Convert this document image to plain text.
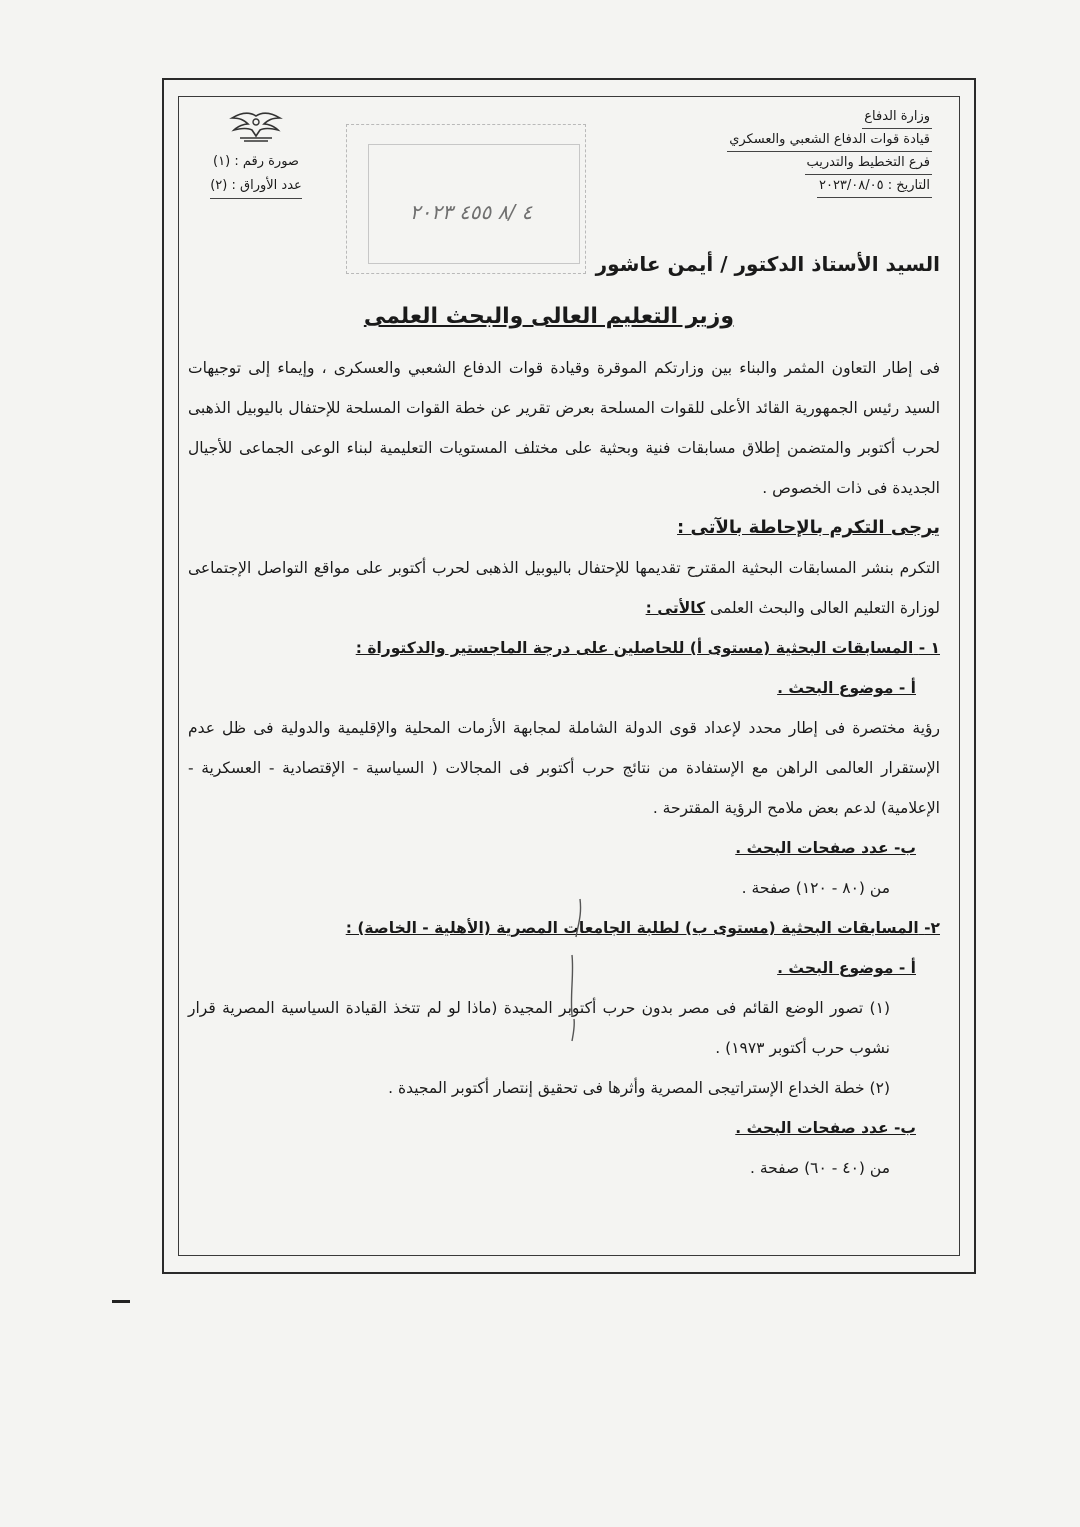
وزارة الدفاع
قيادة قوات الدفاع الشعبي والعسكري
فرع التخطيط والتدريب
التاريخ : ٢٠٢٣/٠٨/٠٥
صورة رقم : (١)
عدد الأوراق : (٢)
٤ /٨ ٤٥٥ ٢٠٢٣
السيد الأستاذ الدكتور / أيمن عاشور
وزير التعليم العالى والبحث العلمى

فى إطار التعاون المثمر والبناء بين وزارتكم الموقرة وقيادة قوات الدفاع الشعبي والعسكرى ، وإيماء إلى توجيهات السيد رئيس الجمهورية القائد الأعلى للقوات المسلحة بعرض تقرير عن خطة القوات المسلحة للإحتفال باليوبيل الذهبى لحرب أكتوبر والمتضمن إطلاق مسابقات فنية وبحثية على مختلف المستويات التعليمية لبناء الوعى الجماعى للأجيال الجديدة فى ذات الخصوص .

يرجى التكرم بالإحاطة بالآتى :

التكرم بنشر المسابقات البحثية المقترح تقديمها للإحتفال باليوبيل الذهبى لحرب أكتوبر على مواقع التواصل الإجتماعى لوزارة التعليم العالى والبحث العلمى كالأتى :

١ - المسابقات البحثية (مستوى أ) للحاصلين على درجة الماجستير والدكتوراة :

أ - موضوع البحث .

رؤية مختصرة فى إطار محدد لإعداد قوى الدولة الشاملة لمجابهة الأزمات المحلية والإقليمية والدولية فى ظل عدم الإستقرار العالمى الراهن مع الإستفادة من نتائج حرب أكتوبر فى المجالات ( السياسية - الإقتصادية - العسكرية - الإعلامية) لدعم بعض ملامح الرؤية المقترحة .

ب- عدد صفحات البحث .

من (٨٠ - ١٢٠) صفحة .

٢- المسابقات البحثية (مستوى ب) لطلبة الجامعات المصرية (الأهلية - الخاصة) :

أ - موضوع البحث .

(١) تصور الوضع القائم فى مصر بدون حرب أكتوبر المجيدة (ماذا لو لم تتخذ القيادة السياسية المصرية قرار نشوب حرب أكتوبر ١٩٧٣) .

(٢) خطة الخداع الإستراتيجى المصرية وأثرها فى تحقيق إنتصار أكتوبر المجيدة .

ب- عدد صفحات البحث .

من (٤٠ - ٦٠) صفحة .
